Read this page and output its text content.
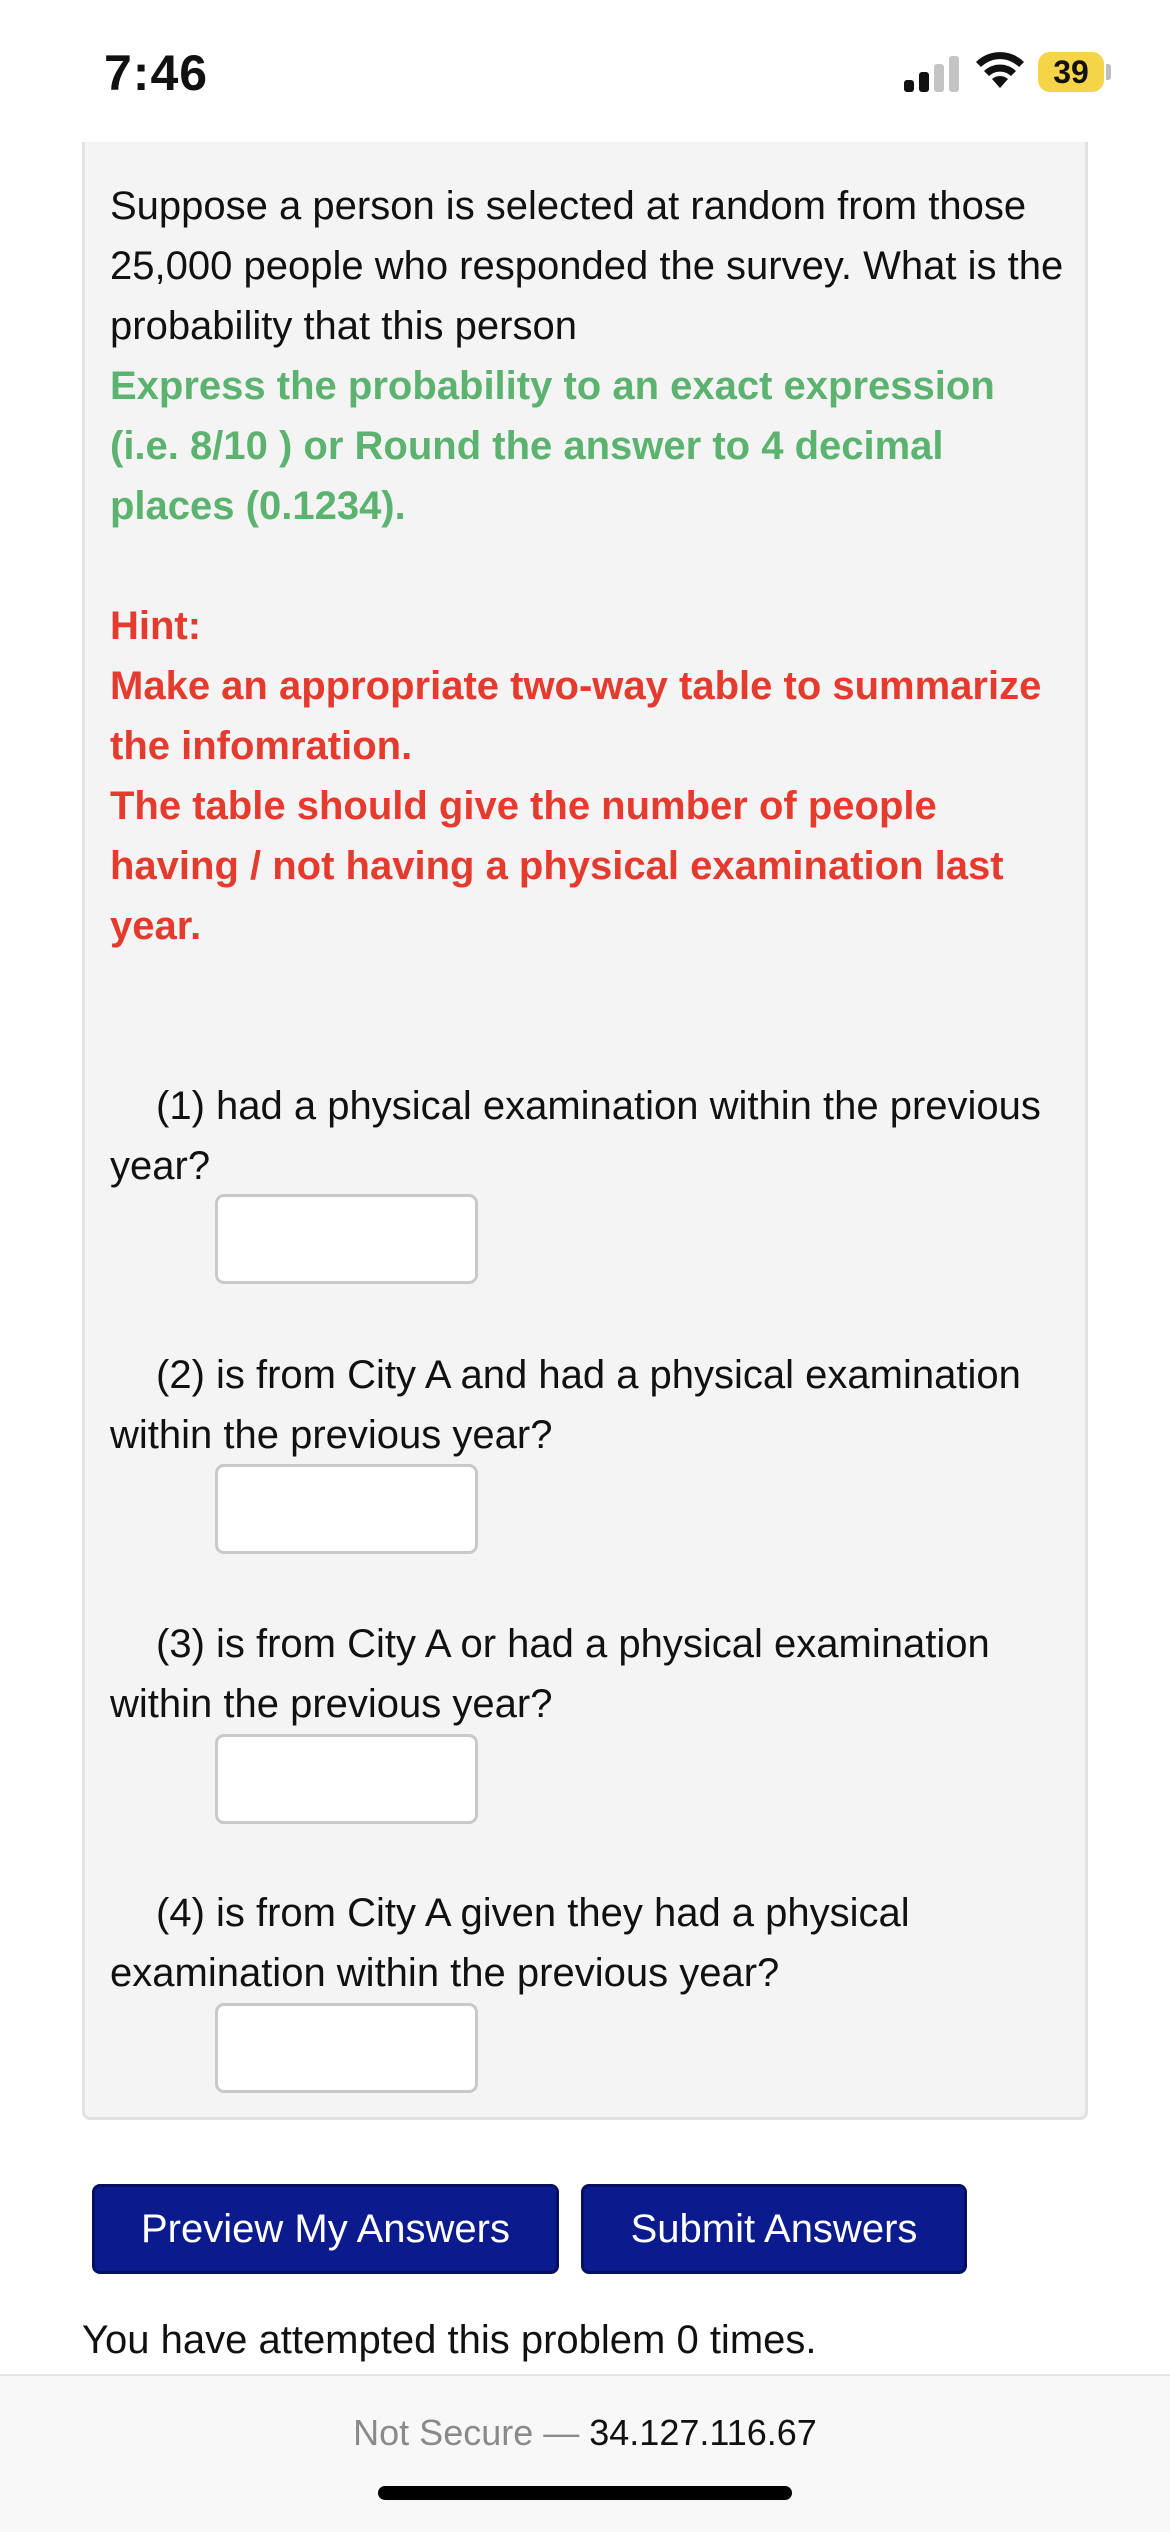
7:46	39
Suppose a person is selected at random from those 25,000 people who responded the survey. What is the probability that this person
Express the probability to an exact expression (i.e. 8/10 ) or Round the answer to 4 decimal places (0.1234).
Hint:
Make an appropriate two-way table to summarize the infomration.
The table should give the number of people having / not having a physical examination last year.
(1) had a physical examination within the previous year?
(2) is from City A and had a physical examination within the previous year?
(3) is from City A or had a physical examination within the previous year?
(4) is from City A given they had a physical examination within the previous year?
Preview My Answers	Submit Answers
You have attempted this problem 0 times.
Not Secure — 34.127.116.67
